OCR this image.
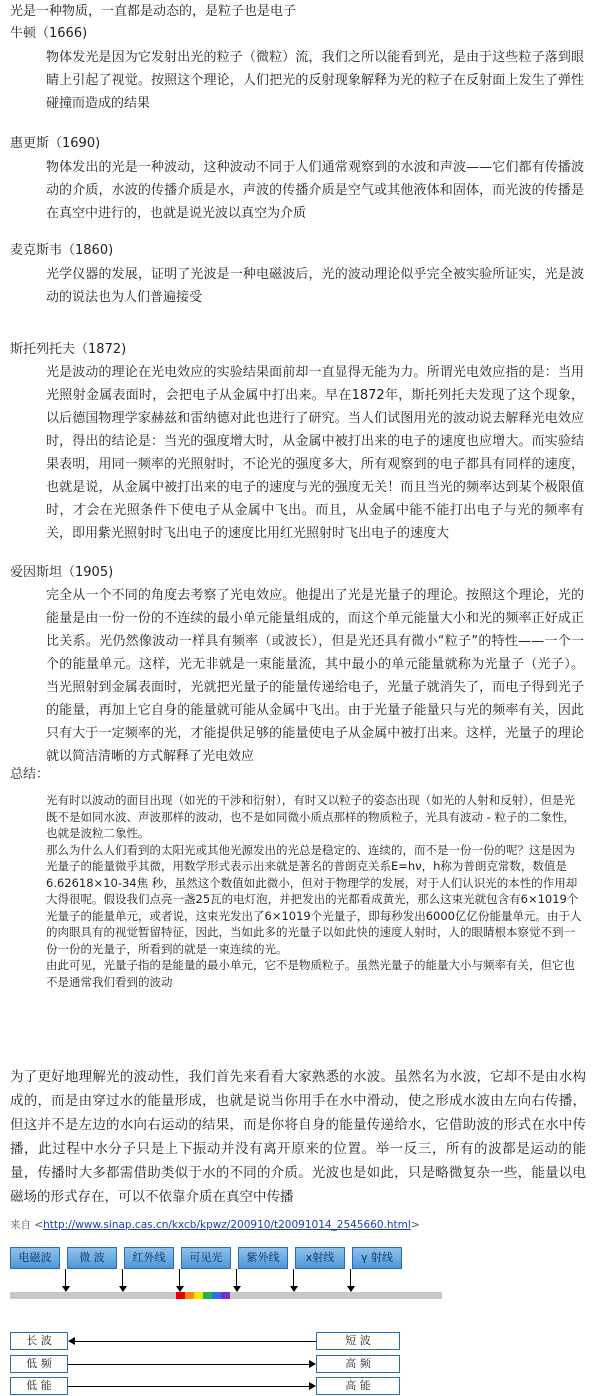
光是一种物质，一直都是动态的，是粒子也是电子
牛顿（1666)
物体发光是因为它发射出光的粒子（微粒）流，我们之所以能看到光，是由于这些粒子落到眼睛上引起了视觉。按照这个理论，人们把光的反射现象解释为光的粒子在反射面上发生了弹性碰撞而造成的结果
惠更斯（1690)
物体发出的光是一种波动，这种波动不同于人们通常观察到的水波和声波——它们都有传播波动的介质，水波的传播介质是水，声波的传播介质是空气或其他液体和固体，而光波的传播是在真空中进行的，也就是说光波以真空为介质
麦克斯韦（1860)
光学仪器的发展，证明了光波是一种电磁波后，光的波动理论似乎完全被实验所证实，光是波动的说法也为人们普遍接受
斯托列托夫（1872)
光是波动的理论在光电效应的实验结果面前却一直显得无能为力。所谓光电效应指的是：当用光照射金属表面时，会把电子从金属中打出来。早在1872年，斯托列托夫发现了这个现象，以后德国物理学家赫兹和雷纳德对此也进行了研究。当人们试图用光的波动说去解释光电效应时，得出的结论是：当光的强度增大时，从金属中被打出来的电子的速度也应增大。而实验结果表明，用同一频率的光照射时，不论光的强度多大，所有观察到的电子都具有同样的速度，也就是说，从金属中被打出来的电子的速度与光的强度无关！而且当光的频率达到某个极限值时，才会在光照条件下使电子从金属中飞出。而且，从金属中能不能打出电子与光的频率有关，即用紫光照射时飞出电子的速度比用红光照射时飞出电子的速度大
爱因斯坦（1905)
完全从一个不同的角度去考察了光电效应。他提出了光是光量子的理论。按照这个理论，光的能量是由一份一份的不连续的最小单元能量组成的，而这个单元能量大小和光的频率正好成正比关系。光仍然像波动一样具有频率（或波长），但是光还具有微小“粒子”的特性——一个一个的能量单元。这样，光无非就是一束能量流，其中最小的单元能量就称为光量子（光子）。当光照射到金属表面时，光就把光量子的能量传递给电子，光量子就消失了，而电子得到光子的能量，再加上它自身的能量就可能从金属中飞出。由于光量子能量只与光的频率有关，因此只有大于一定频率的光，才能提供足够的能量使电子从金属中被打出来。这样，光量子的理论就以简洁清晰的方式解释了光电效应
总结：

光有时以波动的面目出现（如光的干涉和衍射），有时又以粒子的姿态出现（如光的人射和反射），但是光既不是如同水波、声波那样的波动，也不是如同微小质点那样的物质粒子，光具有波动 - 粒子的二象性，也就是波粒二象性。

那么为什么人们看到的太阳光或其他光源发出的光总是稳定的、连续的，而不是一份一份的呢？这是因为光量子的能量微乎其微，用数学形式表示出来就是著名的普朗克关系E=hν，h称为普朗克常数，数值是6.62618×10-34焦 秒，虽然这个数值如此微小，但对于物理学的发展，对于人们认识光的本性的作用却大得很呢。假设我们点亮一盏25瓦的电灯泡，并把发出的光都看成黄光，那么这束光就包含有6×1019个光量子的能量单元，或者说，这束光发出了6×1019个光量子，即每秒发出6000亿亿份能量单元。由于人的肉眼具有的视觉暂留特征，因此，当如此多的光量子以如此快的速度人射时，人的眼睛根本察觉不到一份一份的光量子，所看到的就是一束连续的光。

由此可见，光量子指的是能量的最小单元，它不是物质粒子。虽然光量子的能量大小与频率有关，但它也不是通常我们看到的波动

为了更好地理解光的波动性，我们首先来看看大家熟悉的水波。虽然名为水波，它却不是由水构成的，而是由穿过水的能量形成，也就是说当你用手在水中滑动，使之形成水波由左向右传播，但这并不是左边的水向右运动的结果，而是你将自身的能量传递给水，它借助波的形式在水中传播，此过程中水分子只是上下振动并没有离开原来的位置。举一反三，所有的波都是运动的能量，传播时大多都需借助类似于水的不同的介质。光波也是如此，只是略微复杂一些，能量以电磁场的形式存在，可以不依靠介质在真空中传播
来自 <http://www.sinap.cas.cn/kxcb/kpwz/200910/t20091014_2545660.html>
电磁波	微 波	红外线	可见光	紫外线	x射线	γ 射线
长 波	短 波
低 频	高 频
低 能	高 能
